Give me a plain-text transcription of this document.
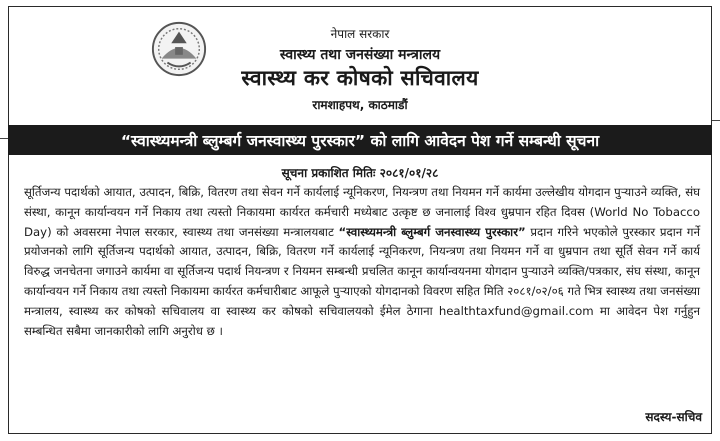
नेपाल सरकार
स्वास्थ्य तथा जनसंख्या मन्त्रालय
स्वास्थ्य कर कोषको सचिवालय
रामशाहपथ, काठमाडौं
“स्वास्थ्यमन्त्री ब्लुम्बर्ग जनस्वास्थ्य पुरस्कार” को लागि आवेदन पेश गर्ने सम्बन्धी सूचना
सूचना प्रकाशित मितिः २०८१/०१/२८
सूर्तिजन्य पदार्थको आयात, उत्पादन, बिक्रि, वितरण तथा सेवन गर्ने कार्यलाई न्यूनिकरण, नियन्त्रण तथा नियमन गर्ने कार्यमा उल्लेखीय योगदान पुऱ्याउने व्यक्ति, संघ संस्था, कानून कार्यान्वयन गर्ने निकाय तथा त्यस्तो निकायमा कार्यरत कर्मचारी मध्येबाट उत्कृष्ट छ जनालाई विश्व धुम्रपान रहित दिवस (World No Tobacco Day) को अवसरमा नेपाल सरकार, स्वास्थ्य तथा जनसंख्या मन्त्रालयबाट “स्वास्थ्यमन्त्री ब्लुम्बर्ग जनस्वास्थ्य पुरस्कार” प्रदान गरिने भएकोले पुरस्कार प्रदान गर्ने प्रयोजनको लागि सूर्तिजन्य पदार्थको आयात, उत्पादन, बिक्रि, वितरण गर्ने कार्यलाई न्यूनिकरण, नियन्त्रण तथा नियमन गर्ने वा धुम्रपान तथा सूर्ति सेवन गर्ने कार्य विरुद्ध जनचेतना जगाउने कार्यमा वा सूर्तिजन्य पदार्थ नियन्त्रण र नियमन सम्बन्धी प्रचलित कानून कार्यान्वयनमा योगदान पुऱ्याउने व्यक्ति/पत्रकार, संघ संस्था, कानून कार्यान्वयन गर्ने निकाय तथा त्यस्तो निकायमा कार्यरत कर्मचारीबाट आफूले पुऱ्याएको योगदानको विवरण सहित मिति २०८१/०२/०६ गते भित्र स्वास्थ्य तथा जनसंख्या मन्त्रालय, स्वास्थ्य कर कोषको सचिवालय वा स्वास्थ्य कर कोषको सचिवालयको ईमेल ठेगाना healthtaxfund@gmail.com मा आवेदन पेश गर्नुहुन सम्बन्धित सबैमा जानकारीको लागि अनुरोध छ ।
सदस्य-सचिव
